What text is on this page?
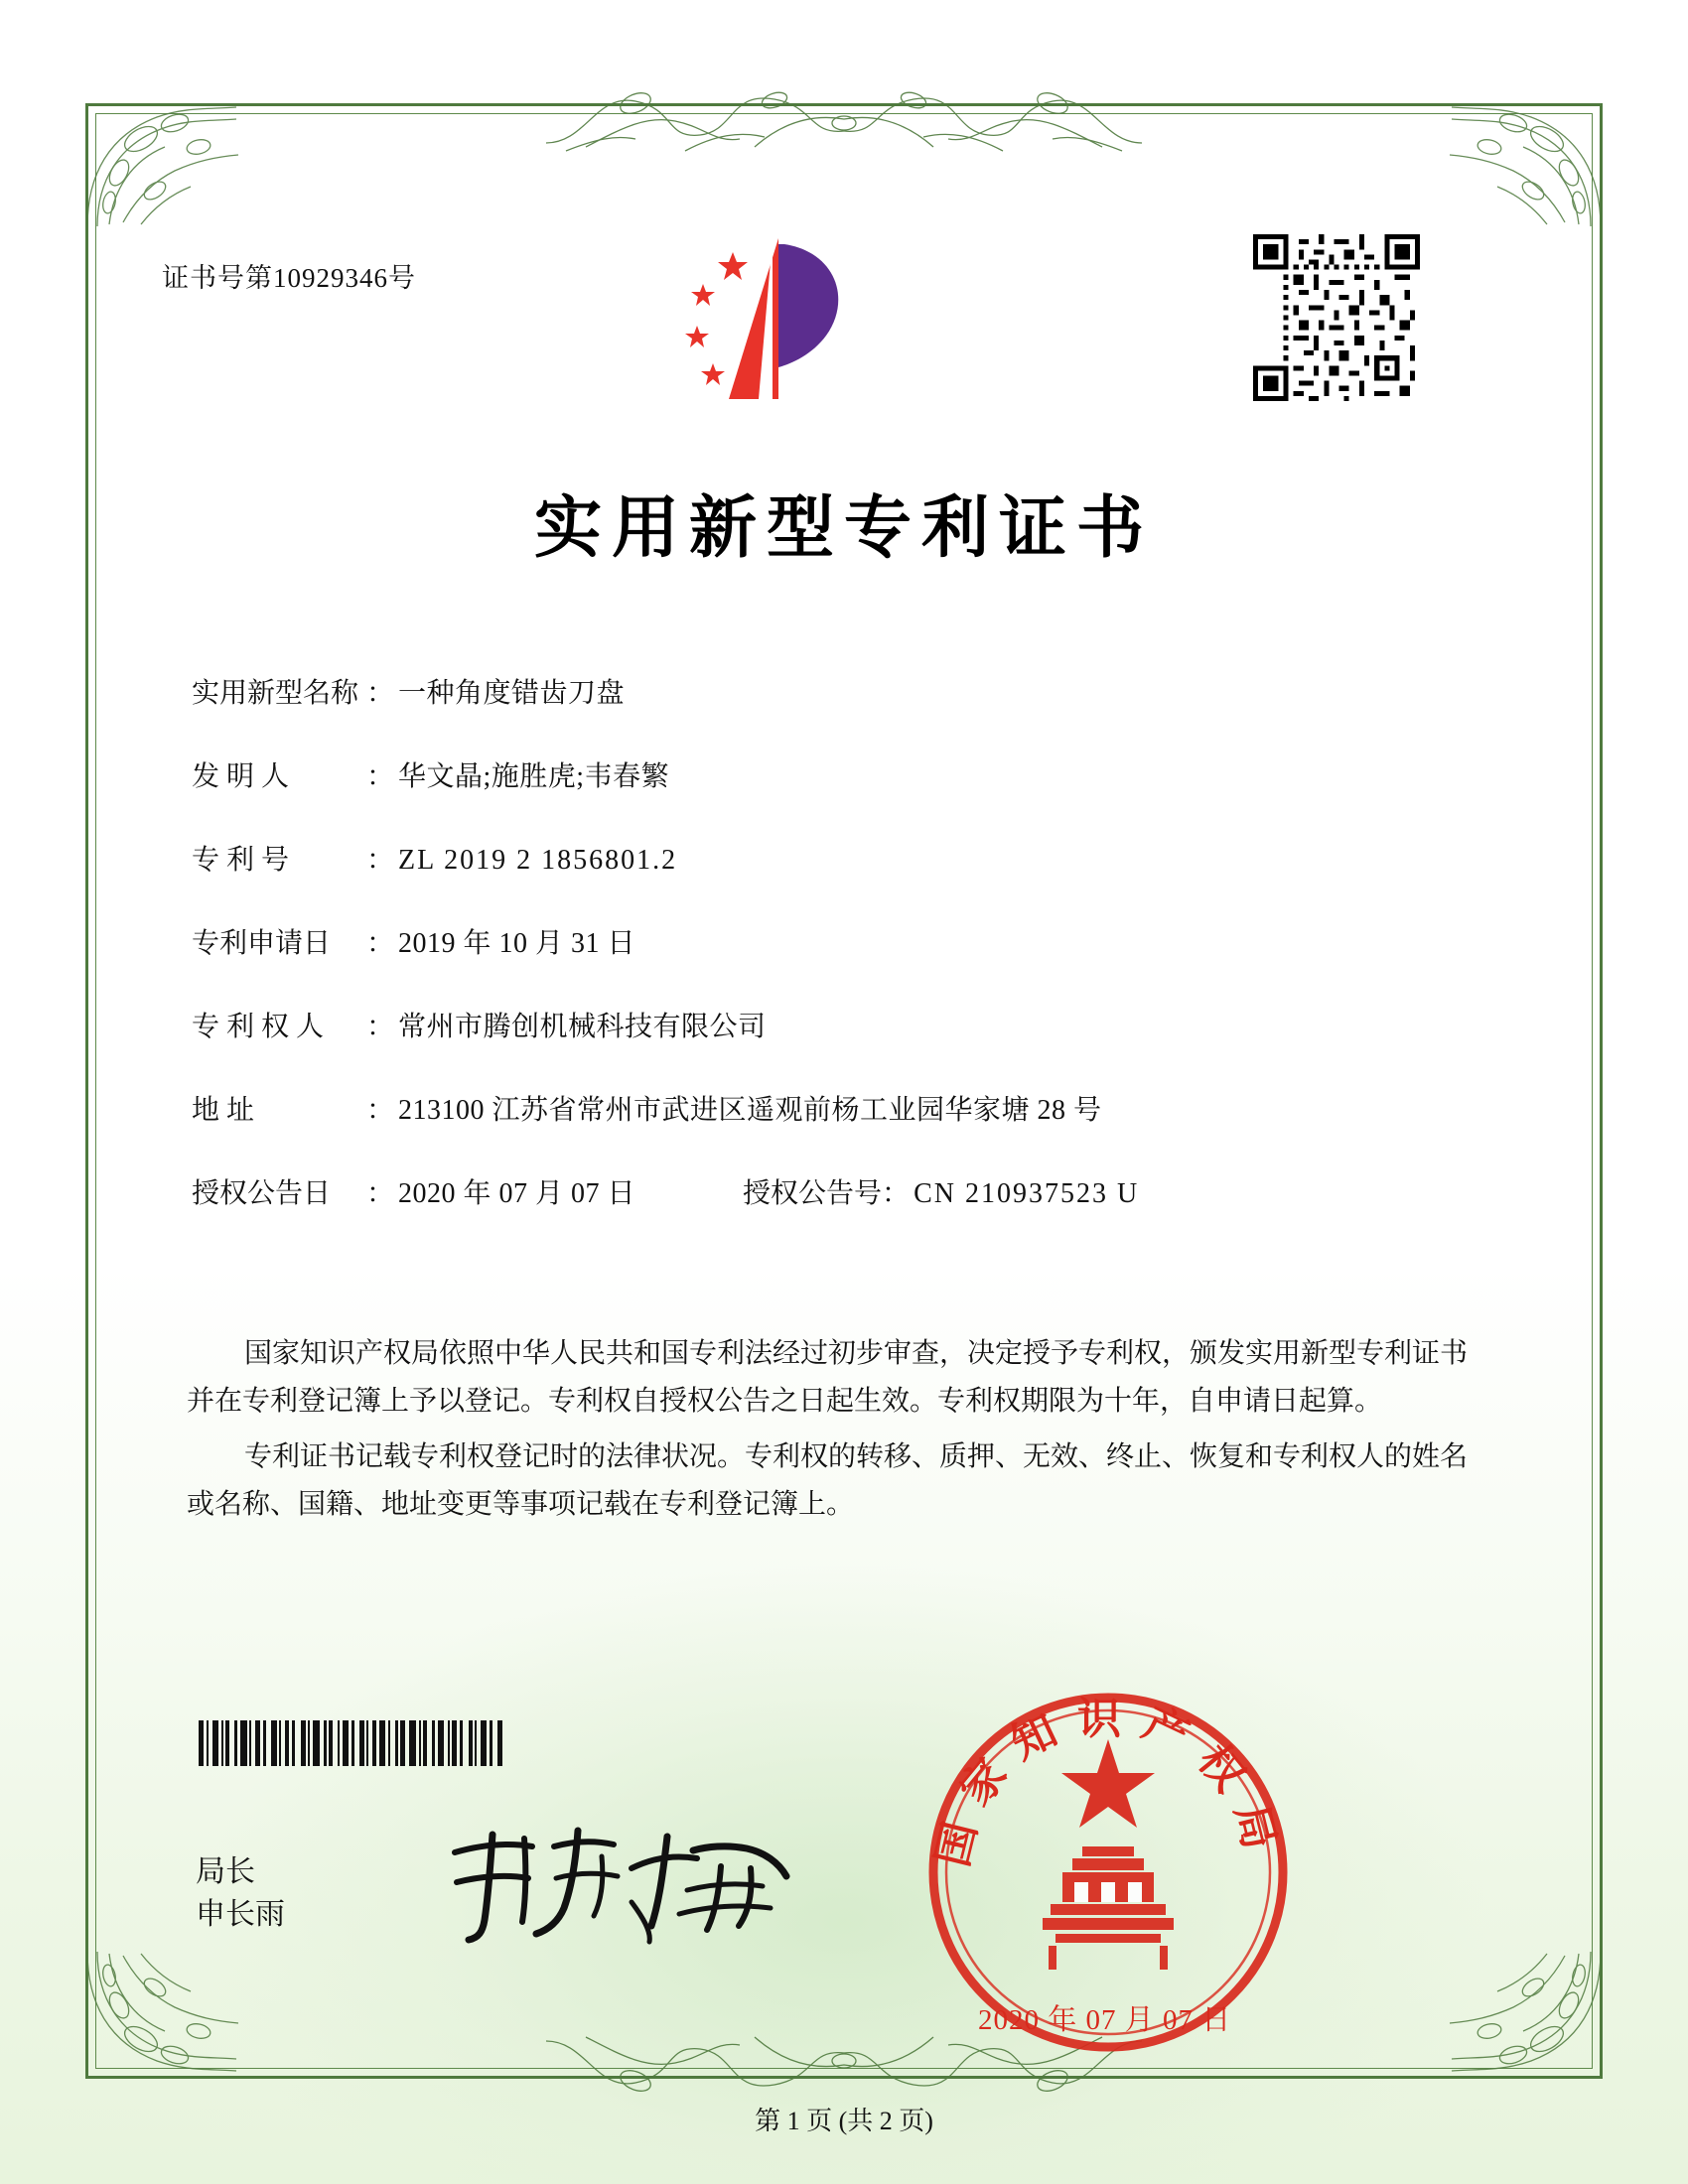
证书号第10929346号
实用新型专利证书
实用新型名称 ： 一种角度错齿刀盘
发 明 人	： 华文晶;施胜虎;韦春繁
专 利 号	： ZL 2019 2 1856801.2
专利申请日	： 2019 年 10 月 31 日
专 利 权 人	： 常州市腾创机械科技有限公司
地 址	： 213100 江苏省常州市武进区遥观前杨工业园华家塘 28 号
授权公告日	： 2020 年 07 月 07 日	授权公告号 ： CN 210937523 U

国家知识产权局依照中华人民共和国专利法经过初步审查，决定授予专利权，颁发实用新型专利证书并在专利登记簿上予以登记。专利权自授权公告之日起生效。专利权期限为十年，自申请日起算。

专利证书记载专利权登记时的法律状况。专利权的转移、质押、无效、终止、恢复和专利权人的姓名或名称、国籍、地址变更等事项记载在专利登记簿上。

局长
申长雨
国家知识产权局
2020 年 07 月 07 日
第 1 页 (共 2 页)
